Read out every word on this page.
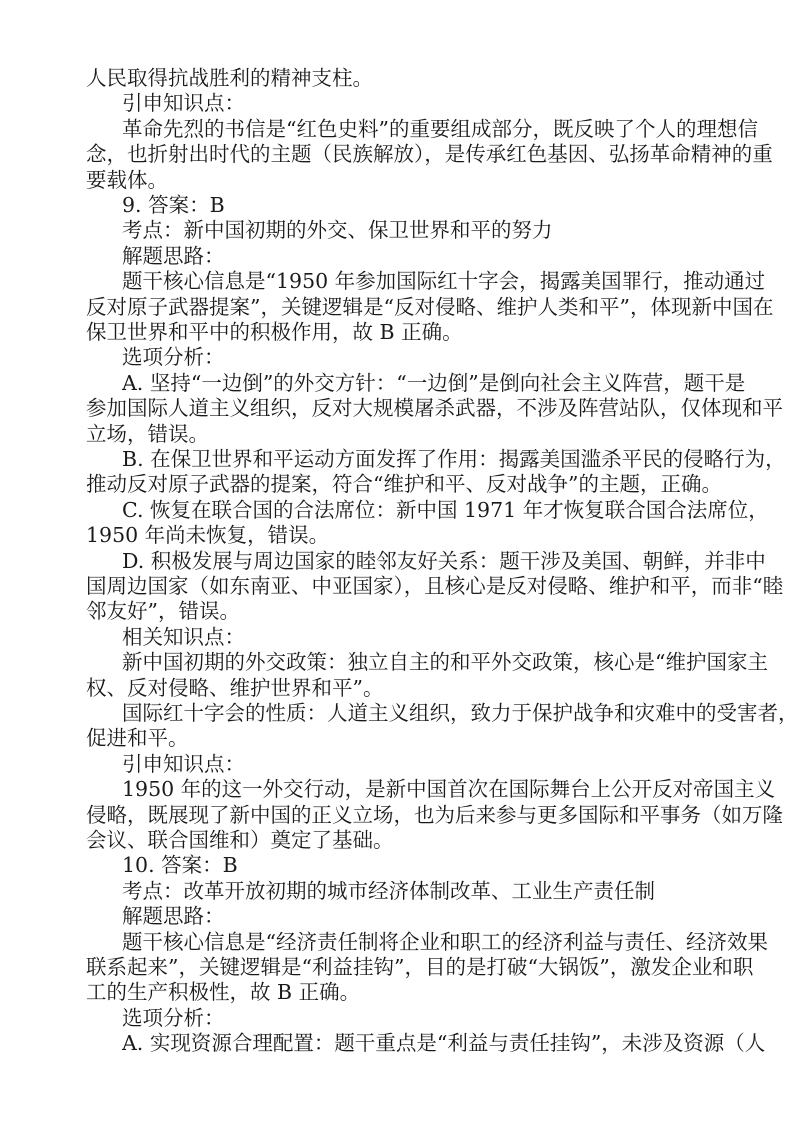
人民取得抗战胜利的精神支柱。
引申知识点：
革命先烈的书信是“红色史料”的重要组成部分，既反映了个人的理想信
念，也折射出时代的主题（民族解放），是传承红色基因、弘扬革命精神的重
要载体。
9. 答案：B
考点：新中国初期的外交、保卫世界和平的努力
解题思路：
题干核心信息是“1950 年参加国际红十字会，揭露美国罪行，推动通过
反对原子武器提案”，关键逻辑是“反对侵略、维护人类和平”，体现新中国在
保卫世界和平中的积极作用，故 B 正确。
选项分析：
A. 坚持“一边倒”的外交方针：“一边倒”是倒向社会主义阵营，题干是
参加国际人道主义组织，反对大规模屠杀武器，不涉及阵营站队，仅体现和平
立场，错误。
B. 在保卫世界和平运动方面发挥了作用：揭露美国滥杀平民的侵略行为，
推动反对原子武器的提案，符合“维护和平、反对战争”的主题，正确。
C. 恢复在联合国的合法席位：新中国 1971 年才恢复联合国合法席位，
1950 年尚未恢复，错误。
D. 积极发展与周边国家的睦邻友好关系：题干涉及美国、朝鲜，并非中
国周边国家（如东南亚、中亚国家），且核心是反对侵略、维护和平，而非“睦
邻友好”，错误。
相关知识点：
新中国初期的外交政策：独立自主的和平外交政策，核心是“维护国家主
权、反对侵略、维护世界和平”。
国际红十字会的性质：人道主义组织，致力于保护战争和灾难中的受害者，
促进和平。
引申知识点：
1950 年的这一外交行动，是新中国首次在国际舞台上公开反对帝国主义
侵略，既展现了新中国的正义立场，也为后来参与更多国际和平事务（如万隆
会议、联合国维和）奠定了基础。
10. 答案：B
考点：改革开放初期的城市经济体制改革、工业生产责任制
解题思路：
题干核心信息是“经济责任制将企业和职工的经济利益与责任、经济效果
联系起来”，关键逻辑是“利益挂钩”，目的是打破“大锅饭”，激发企业和职
工的生产积极性，故 B 正确。
选项分析：
A. 实现资源合理配置：题干重点是“利益与责任挂钩”，未涉及资源（人
